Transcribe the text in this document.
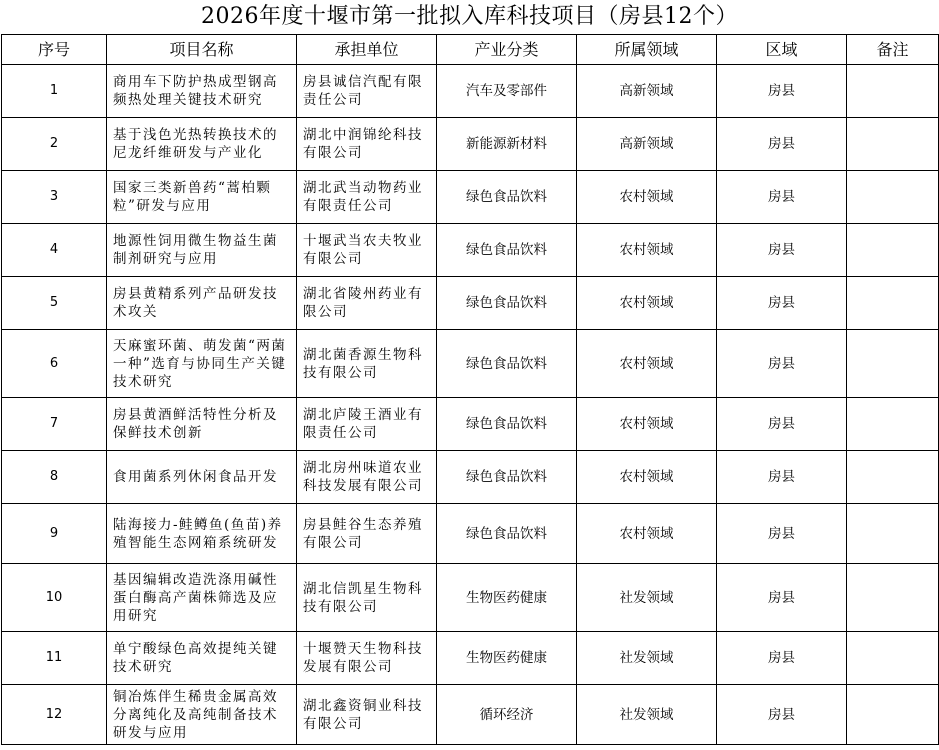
2026年度十堰市第一批拟入库科技项目（房县12个）
序号	项目名称	承担单位	产业分类	所属领域	区域	备注
1	商用车下防护热成型钢高频热处理关键技术研究	房县诚信汽配有限责任公司	汽车及零部件	高新领域	房县	
2	基于浅色光热转换技术的尼龙纤维研发与产业化	湖北中润锦纶科技有限公司	新能源新材料	高新领域	房县	
3	国家三类新兽药“蒿柏颗粒”研发与应用	湖北武当动物药业有限责任公司	绿色食品饮料	农村领域	房县	
4	地源性饲用微生物益生菌制剂研究与应用	十堰武当农夫牧业有限公司	绿色食品饮料	农村领域	房县	
5	房县黄精系列产品研发技术攻关	湖北省陵州药业有限公司	绿色食品饮料	农村领域	房县	
6	天麻蜜环菌、萌发菌“两菌一种”选育与协同生产关键技术研究	湖北菌香源生物科技有限公司	绿色食品饮料	农村领域	房县	
7	房县黄酒鲜活特性分析及保鲜技术创新	湖北庐陵王酒业有限责任公司	绿色食品饮料	农村领域	房县	
8	食用菌系列休闲食品开发	湖北房州味道农业科技发展有限公司	绿色食品饮料	农村领域	房县	
9	陆海接力-鲑鳟鱼(鱼苗)养殖智能生态网箱系统研发	房县鲑谷生态养殖有限公司	绿色食品饮料	农村领域	房县	
10	基因编辑改造洗涤用碱性蛋白酶高产菌株筛选及应用研究	湖北信凯星生物科技有限公司	生物医药健康	社发领域	房县	
11	单宁酸绿色高效提纯关键技术研究	十堰赞天生物科技发展有限公司	生物医药健康	社发领域	房县	
12	铜冶炼伴生稀贵金属高效分离纯化及高纯制备技术研发与应用	湖北鑫资铜业科技有限公司	循环经济	社发领域	房县	
